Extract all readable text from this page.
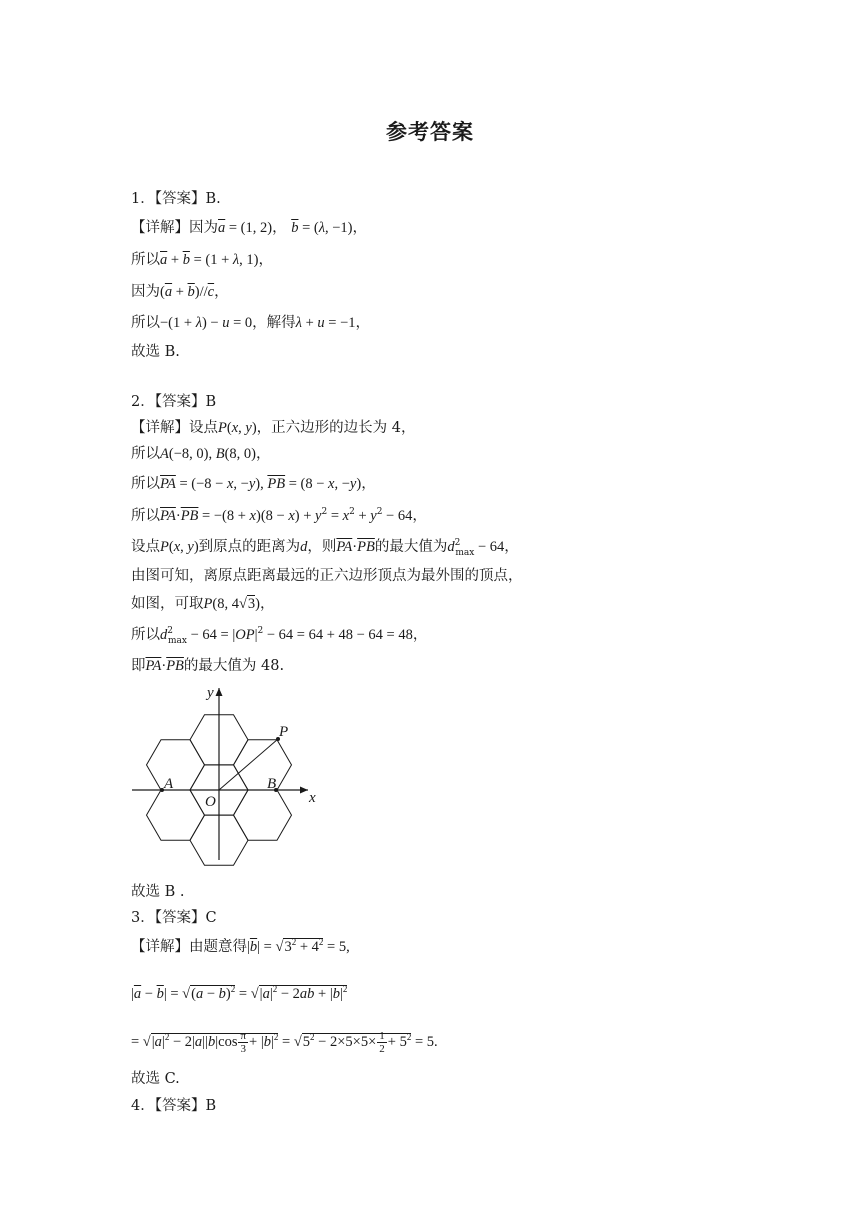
参考答案
1．【答案】B.
【详解】因为$\overline{a} = (1$, 2)， $\overline{b} = (\lambda$, −1)，
所以$\overline{a} + \overline{b} = (1 + \lambda$, 1)，
因为$(\overline{a} + \overline{b})//\overline{c}$，
所以−(1 + λ) − u = 0，解得λ + u = −1，
故选 B.
2．【答案】B
【详解】设点P(x, y)，正六边形的边长为 4，
所以A(−8, 0), B(8, 0)，
所以$\overline{PA} = (-8 - x$, −y), $\overline{PB} = (8 - x$, −y)，
所以$\overline{PA}\cdot\overline{PB} = -(8 + x)(8 - x) + y^2 = x^2 + y^2 - 64$，
设点P(x, y)到原点的距离为d，则$\overline{PA}\cdot\overline{PB}$的最大值为$d^2_{max} - 64$，
由图可知，离原点距离最远的正六边形顶点为最外围的顶点，
如图，可取P(8, 4√3)，
所以$d^2_{max} - 64 = |OP|^2 - 64 = 64 + 48 - 64 = 48$，
即$\overline{PA}\cdot\overline{PB}$的最大值为 48.
y
x
O
A	B
P
故选 B .
3．【答案】C
【详解】由题意得$|\overline{b}| = √3^2 + 4^2 = 5$,
$|\overline{a} - \overline{b}| = √(\overline{a} - \overline{b})^2 = √|\overline{a}|^2 - 2\overline{a}\overline{b} + |\overline{b}|^2$
= $√|\overline{a}|^2 - 2|\overline{a}||\overline{b}|\cos \frac{\pi}{3} + |\overline{b}|^2 = √5^2 - 2\times 5\times 5\times \frac{1}{2} + 5^2 = 5$.
故选 C.
4．【答案】B
